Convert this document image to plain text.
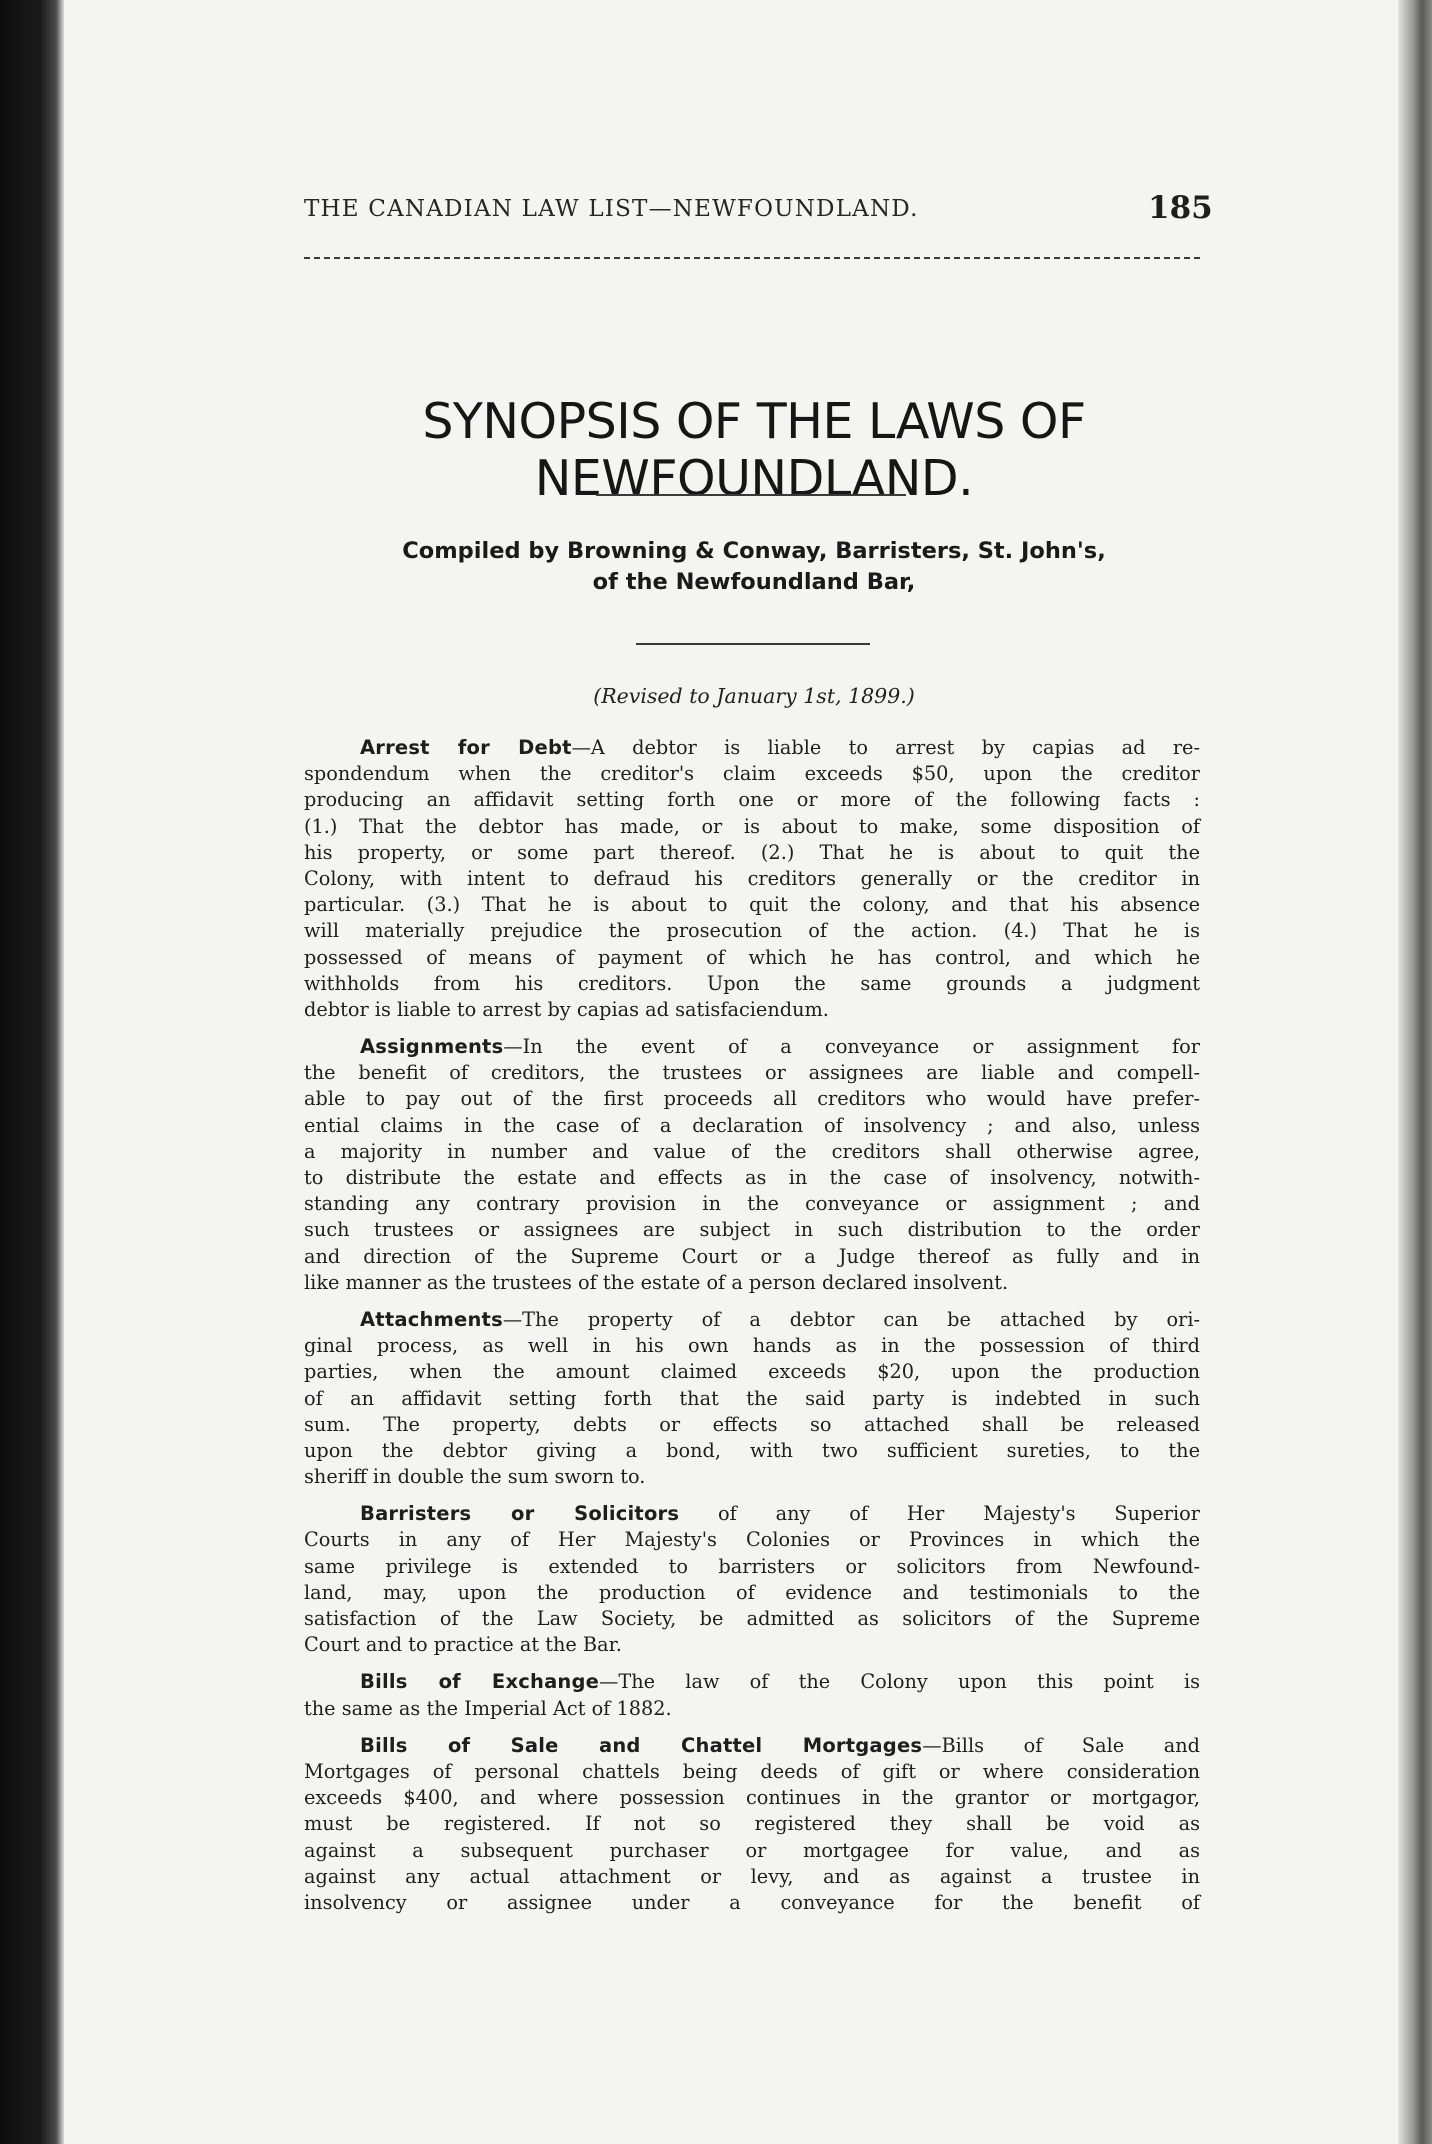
THE CANADIAN LAW LIST—NEWFOUNDLAND.	185
SYNOPSIS OF THE LAWS OF NEWFOUNDLAND.
Compiled by Browning & Conway, Barristers, St. John's,
of the Newfoundland Bar,
(Revised to January 1st, 1899.)
Arrest for Debt—A debtor is liable to arrest by capias ad re-
spondendum when the creditor's claim exceeds $50, upon the creditor
producing an affidavit setting forth one or more of the following facts :
(1.) That the debtor has made, or is about to make, some disposition of
his property, or some part thereof. (2.) That he is about to quit the
Colony, with intent to defraud his creditors generally or the creditor in
particular. (3.) That he is about to quit the colony, and that his absence
will materially prejudice the prosecution of the action. (4.) That he is
possessed of means of payment of which he has control, and which he
withholds from his creditors. Upon the same grounds a judgment
debtor is liable to arrest by capias ad satisfaciendum.
Assignments—In the event of a conveyance or assignment for
the benefit of creditors, the trustees or assignees are liable and compell-
able to pay out of the first proceeds all creditors who would have prefer-
ential claims in the case of a declaration of insolvency ; and also, unless
a majority in number and value of the creditors shall otherwise agree,
to distribute the estate and effects as in the case of insolvency, notwith-
standing any contrary provision in the conveyance or assignment ; and
such trustees or assignees are subject in such distribution to the order
and direction of the Supreme Court or a Judge thereof as fully and in
like manner as the trustees of the estate of a person declared insolvent.
Attachments—The property of a debtor can be attached by ori-
ginal process, as well in his own hands as in the possession of third
parties, when the amount claimed exceeds $20, upon the production
of an affidavit setting forth that the said party is indebted in such
sum. The property, debts or effects so attached shall be released
upon the debtor giving a bond, with two sufficient sureties, to the
sheriff in double the sum sworn to.
Barristers or Solicitors of any of Her Majesty's Superior
Courts in any of Her Majesty's Colonies or Provinces in which the
same privilege is extended to barristers or solicitors from Newfound-
land, may, upon the production of evidence and testimonials to the
satisfaction of the Law Society, be admitted as solicitors of the Supreme
Court and to practice at the Bar.
Bills of Exchange—The law of the Colony upon this point is
the same as the Imperial Act of 1882.
Bills of Sale and Chattel Mortgages—Bills of Sale and
Mortgages of personal chattels being deeds of gift or where consideration
exceeds $400, and where possession continues in the grantor or mortgagor,
must be registered. If not so registered they shall be void as
against a subsequent purchaser or mortgagee for value, and as
against any actual attachment or levy, and as against a trustee in
insolvency or assignee under a conveyance for the benefit of
